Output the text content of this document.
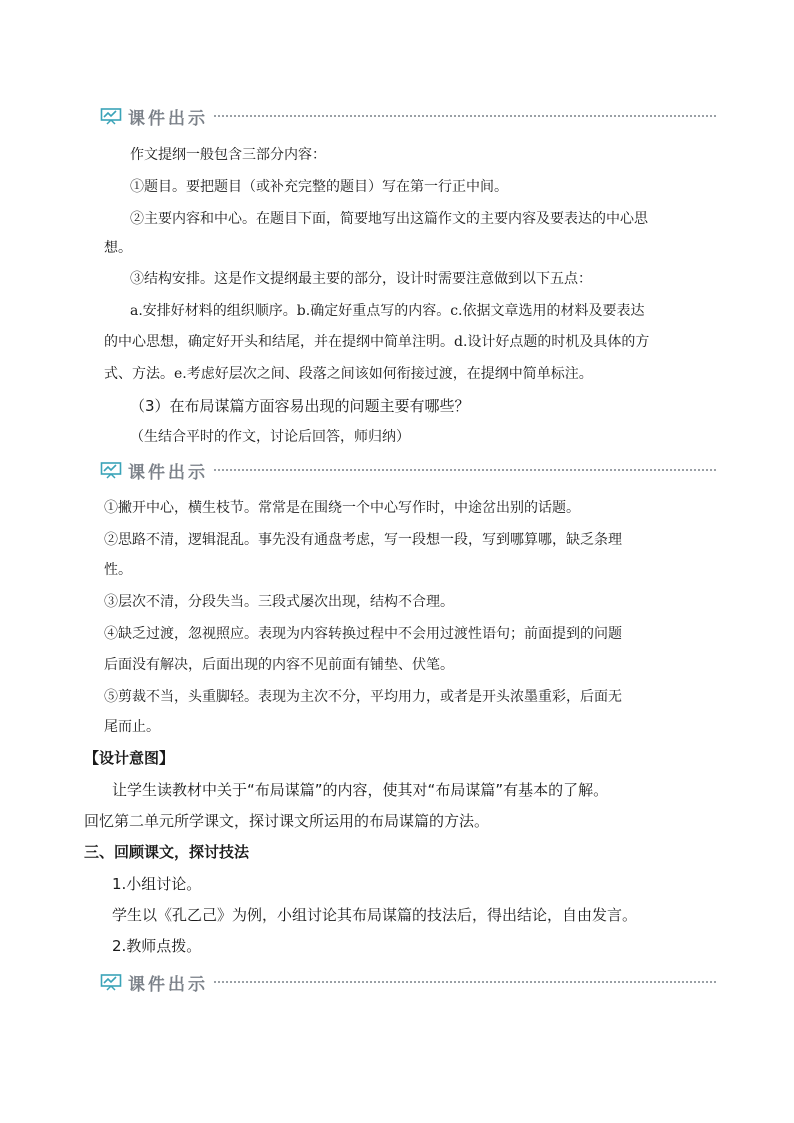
课件出示
作文提纲一般包含三部分内容：
①题目。要把题目（或补充完整的题目）写在第一行正中间。
②主要内容和中心。在题目下面，简要地写出这篇作文的主要内容及要表达的中心思
想。
③结构安排。这是作文提纲最主要的部分，设计时需要注意做到以下五点：
a.安排好材料的组织顺序。b.确定好重点写的内容。c.依据文章选用的材料及要表达
的中心思想，确定好开头和结尾，并在提纲中简单注明。d.设计好点题的时机及具体的方
式、方法。e.考虑好层次之间、段落之间该如何衔接过渡，在提纲中简单标注。
（3）在布局谋篇方面容易出现的问题主要有哪些？
（生结合平时的作文，讨论后回答，师归纳）
课件出示
①撇开中心，横生枝节。常常是在围绕一个中心写作时，中途岔出别的话题。
②思路不清，逻辑混乱。事先没有通盘考虑，写一段想一段，写到哪算哪，缺乏条理
性。
③层次不清，分段失当。三段式屡次出现，结构不合理。
④缺乏过渡，忽视照应。表现为内容转换过程中不会用过渡性语句；前面提到的问题
后面没有解决，后面出现的内容不见前面有铺垫、伏笔。
⑤剪裁不当，头重脚轻。表现为主次不分，平均用力，或者是开头浓墨重彩，后面无
尾而止。
【设计意图】
让学生读教材中关于“布局谋篇”的内容，使其对“布局谋篇”有基本的了解。
回忆第二单元所学课文，探讨课文所运用的布局谋篇的方法。
三、回顾课文，探讨技法
1.小组讨论。
学生以《孔乙己》为例，小组讨论其布局谋篇的技法后，得出结论，自由发言。
2.教师点拨。
课件出示
